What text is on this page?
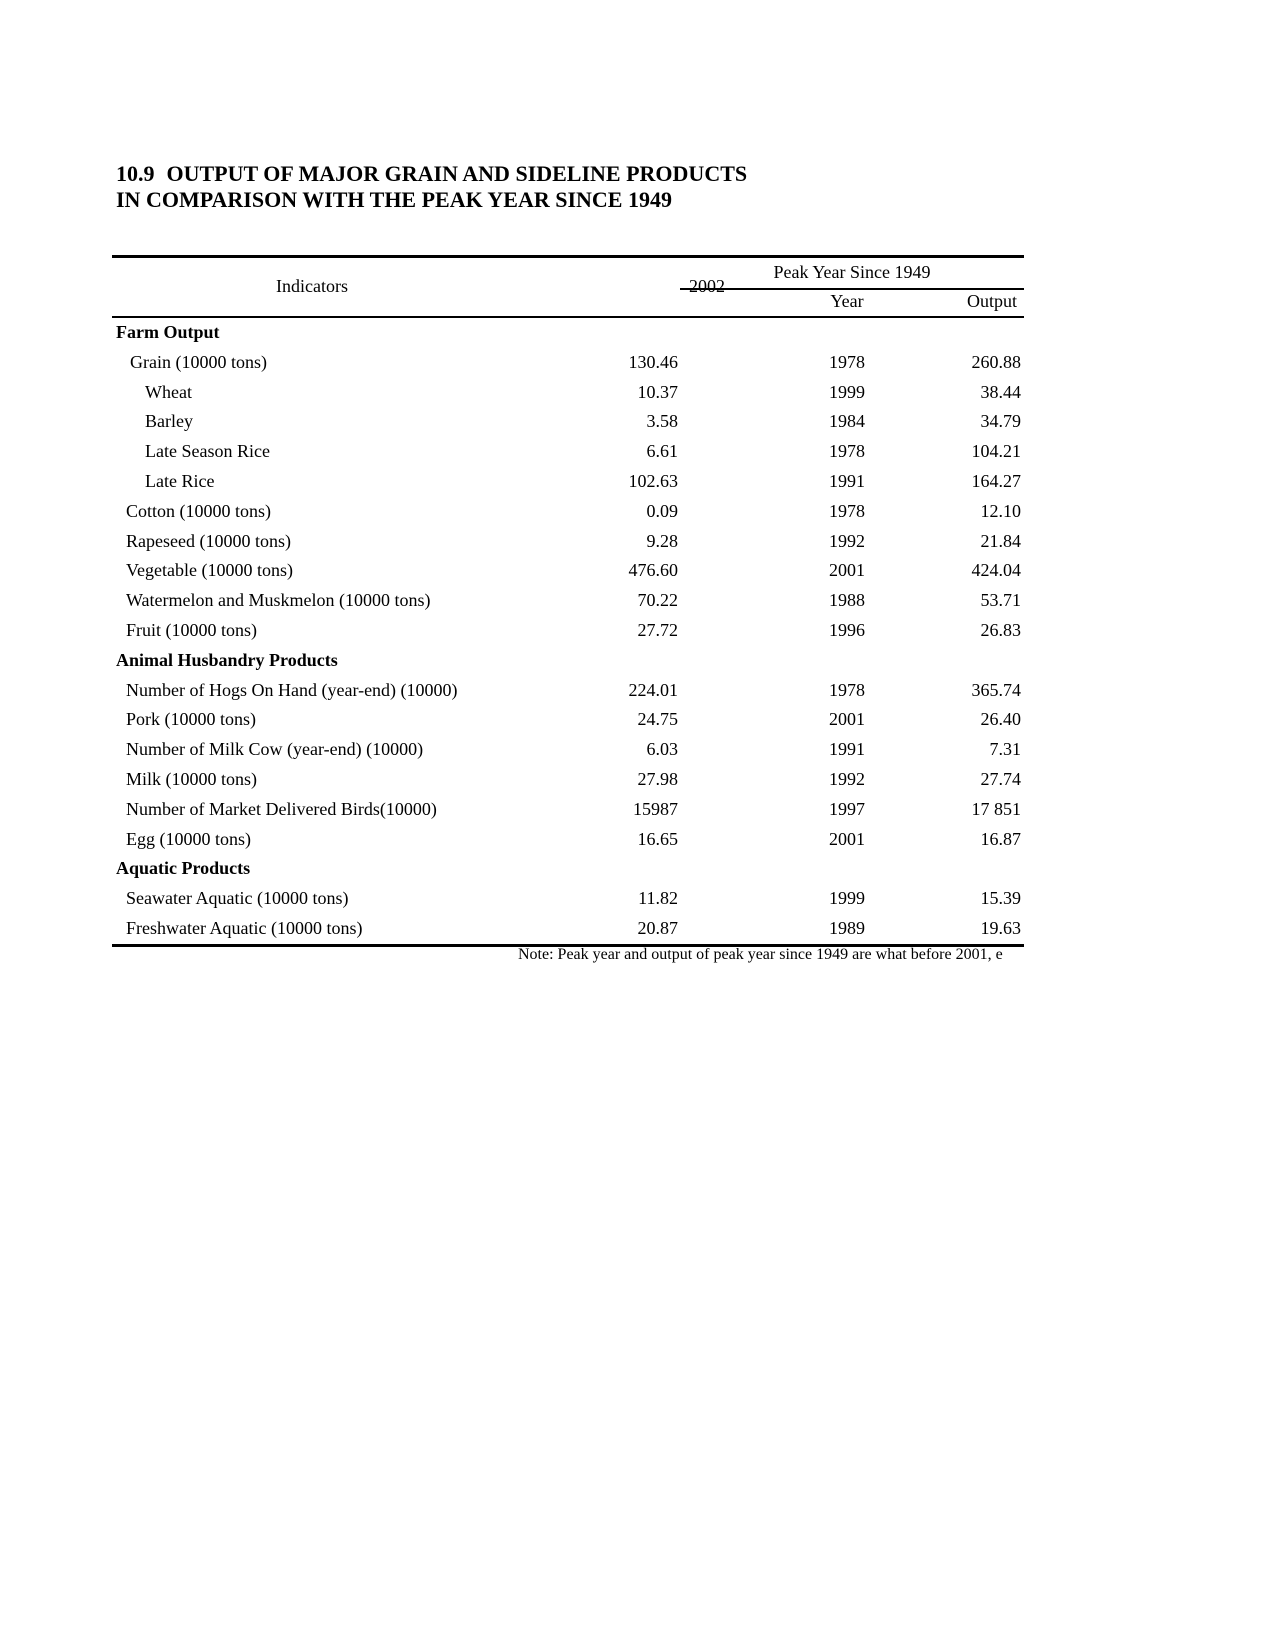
10.9 OUTPUT OF MAJOR GRAIN AND SIDELINE PRODUCTS
IN COMPARISON WITH THE PEAK YEAR SINCE 1949
Indicators	2002
Peak Year Since 1949
Year	Output
Farm Output
Grain (10000 tons)	130.46	1978	260.88
Wheat	10.37	1999	38.44
Barley	3.58	1984	34.79
Late Season Rice	6.61	1978	104.21
Late Rice	102.63	1991	164.27
Cotton (10000 tons)	0.09	1978	12.10
Rapeseed (10000 tons)	9.28	1992	21.84
Vegetable (10000 tons)	476.60	2001	424.04
Watermelon and Muskmelon (10000 tons)	70.22	1988	53.71
Fruit (10000 tons)	27.72	1996	26.83
Animal Husbandry Products
Number of Hogs On Hand (year-end) (10000)	224.01	1978	365.74
Pork (10000 tons)	24.75	2001	26.40
Number of Milk Cow (year-end) (10000)	6.03	1991	7.31
Milk (10000 tons)	27.98	1992	27.74
Number of Market Delivered Birds(10000)	15987	1997	17 851
Egg (10000 tons)	16.65	2001	16.87
Aquatic Products
Seawater Aquatic (10000 tons)	11.82	1999	15.39
Freshwater Aquatic (10000 tons)	20.87	1989	19.63
Note: Peak year and output of peak year since 1949 are what before 2001, e
